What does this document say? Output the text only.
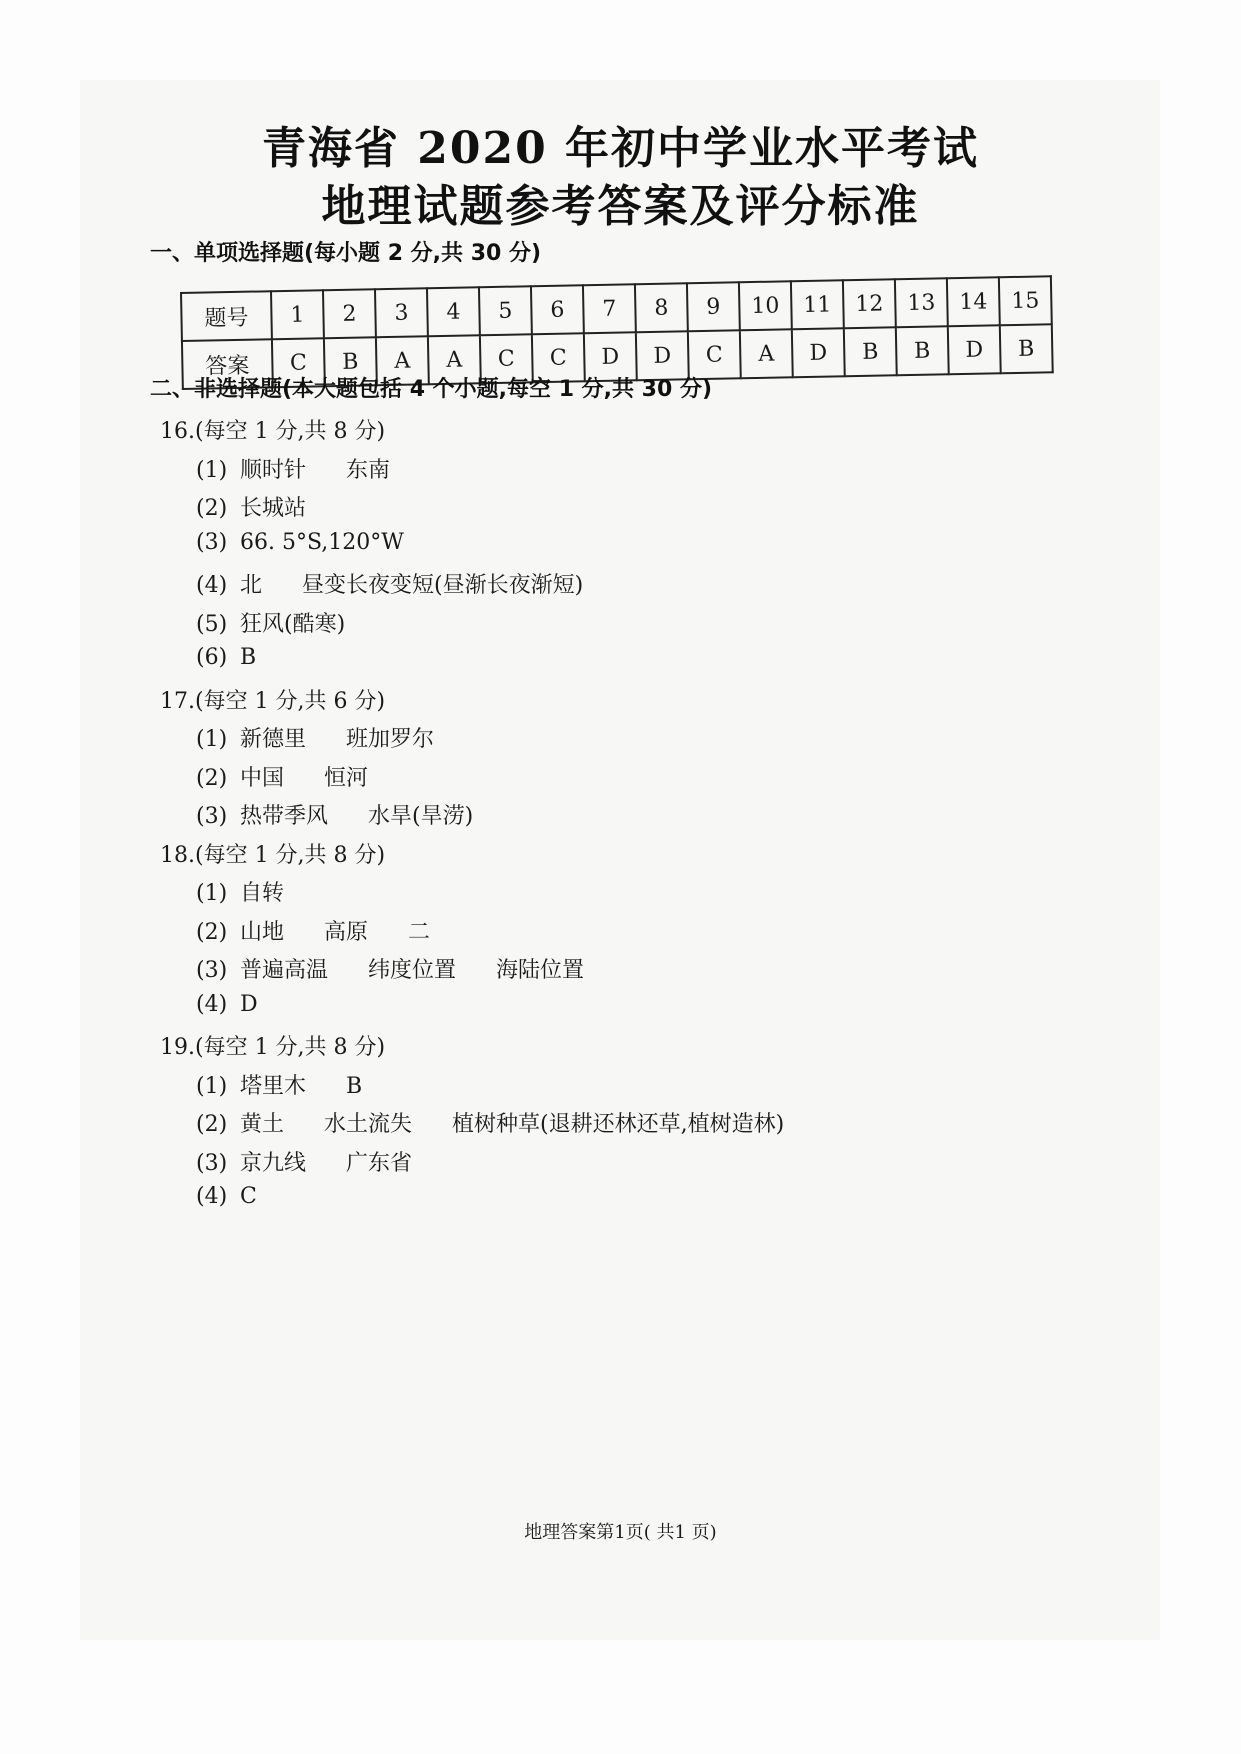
青海省 2020 年初中学业水平考试
地理试题参考答案及评分标准
一、单项选择题(每小题 2 分,共 30 分)
题号	1	2	3	4	5	6	7	8	9	10	11	12	13	14	15
答案	C	B	A	A	C	C	D	D	C	A	D	B	B	D	B
二、非选择题(本大题包括 4 个小题,每空 1 分,共 30 分)
16.(每空 1 分,共 8 分)
(1) 顺时针 东南
(2) 长城站
(3) 66. 5°S,120°W
(4) 北 昼变长夜变短(昼渐长夜渐短)
(5) 狂风(酷寒)
(6) B
17.(每空 1 分,共 6 分)
(1) 新德里 班加罗尔
(2) 中国 恒河
(3) 热带季风 水旱(旱涝)
18.(每空 1 分,共 8 分)
(1) 自转
(2) 山地 高原 二
(3) 普遍高温 纬度位置 海陆位置
(4) D
19.(每空 1 分,共 8 分)
(1) 塔里木 B
(2) 黄土 水土流失 植树种草(退耕还林还草,植树造林)
(3) 京九线 广东省
(4) C
地理答案第1页( 共1 页)
